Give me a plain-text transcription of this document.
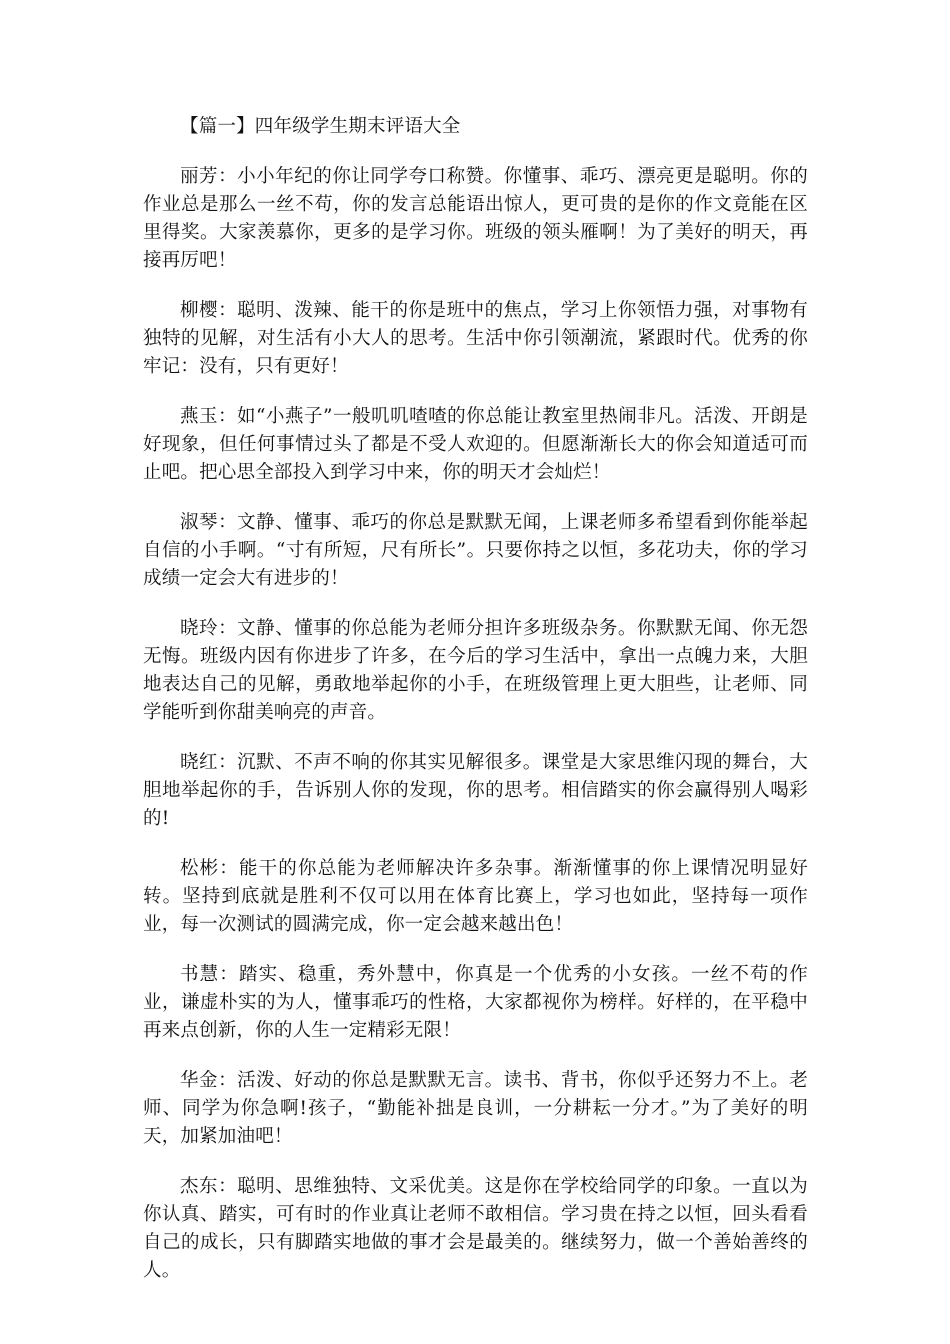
【篇一】四年级学生期末评语大全

丽芳：小小年纪的你让同学夸口称赞。你懂事、乖巧、漂亮更是聪明。你的作业总是那么一丝不苟，你的发言总能语出惊人，更可贵的是你的作文竟能在区里得奖。大家羡慕你，更多的是学习你。班级的领头雁啊！为了美好的明天，再接再厉吧！

柳樱：聪明、泼辣、能干的你是班中的焦点，学习上你领悟力强，对事物有独特的见解，对生活有小大人的思考。生活中你引领潮流，紧跟时代。优秀的你牢记：没有，只有更好！

燕玉：如“小燕子”一般叽叽喳喳的你总能让教室里热闹非凡。活泼、开朗是好现象，但任何事情过头了都是不受人欢迎的。但愿渐渐长大的你会知道适可而止吧。把心思全部投入到学习中来，你的明天才会灿烂！

淑琴：文静、懂事、乖巧的你总是默默无闻，上课老师多希望看到你能举起自信的小手啊。“寸有所短，尺有所长”。只要你持之以恒，多花功夫，你的学习成绩一定会大有进步的！

晓玲：文静、懂事的你总能为老师分担许多班级杂务。你默默无闻、你无怨无悔。班级内因有你进步了许多，在今后的学习生活中，拿出一点魄力来，大胆地表达自己的见解，勇敢地举起你的小手，在班级管理上更大胆些，让老师、同学能听到你甜美响亮的声音。

晓红：沉默、不声不响的你其实见解很多。课堂是大家思维闪现的舞台，大胆地举起你的手，告诉别人你的发现，你的思考。相信踏实的你会赢得别人喝彩的!

松彬：能干的你总能为老师解决许多杂事。渐渐懂事的你上课情况明显好转。坚持到底就是胜利不仅可以用在体育比赛上，学习也如此，坚持每一项作业，每一次测试的圆满完成，你一定会越来越出色！

书慧：踏实、稳重，秀外慧中，你真是一个优秀的小女孩。一丝不苟的作业，谦虚朴实的为人，懂事乖巧的性格，大家都视你为榜样。好样的，在平稳中再来点创新，你的人生一定精彩无限！

华金：活泼、好动的你总是默默无言。读书、背书，你似乎还努力不上。老师、同学为你急啊!孩子，“勤能补拙是良训，一分耕耘一分才。”为了美好的明天，加紧加油吧！

杰东：聪明、思维独特、文采优美。这是你在学校给同学的印象。一直以为你认真、踏实，可有时的作业真让老师不敢相信。学习贵在持之以恒，回头看看自己的成长，只有脚踏实地做的事才会是最美的。继续努力，做一个善始善终的人。
